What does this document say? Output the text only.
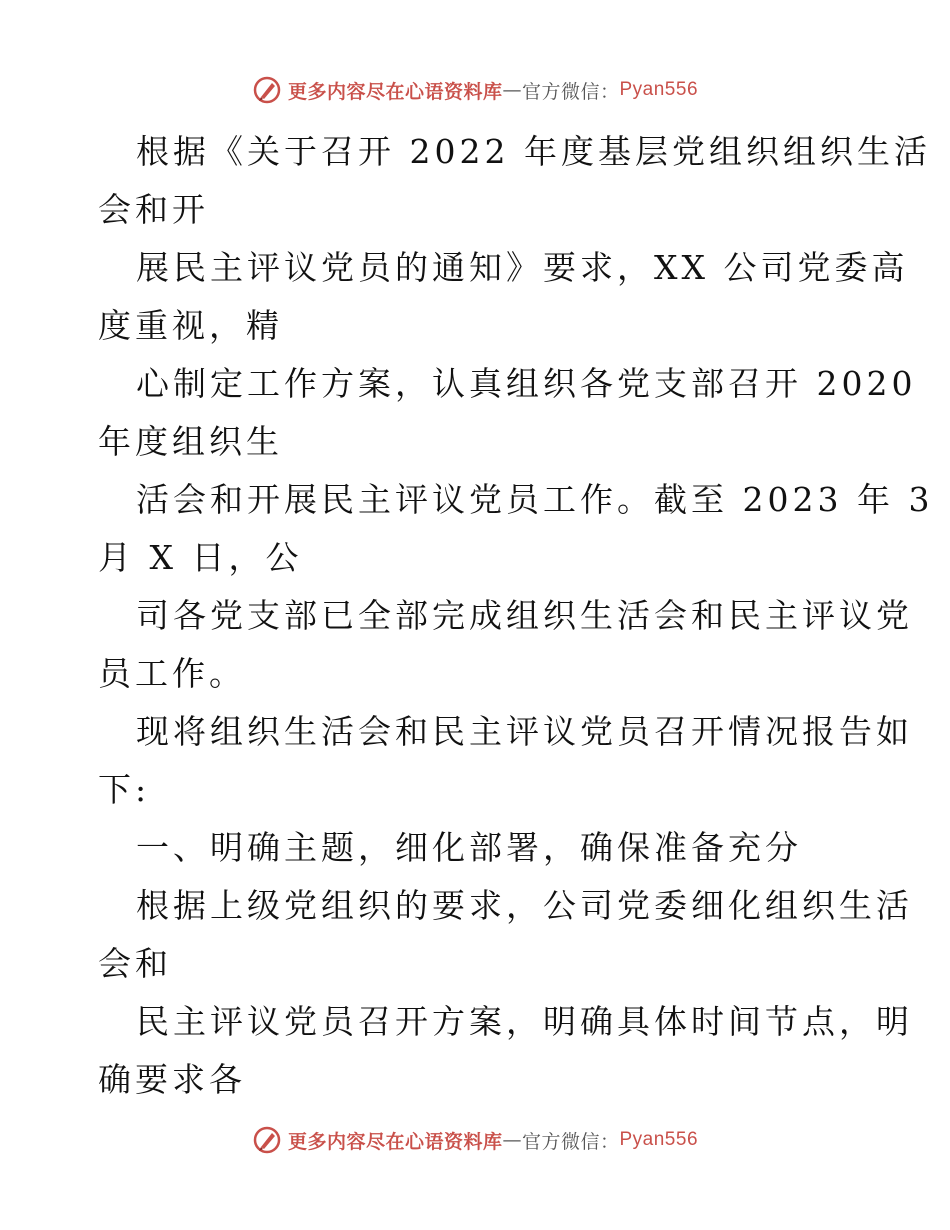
更多内容尽在心语资料库 — 官方微信： Pyan556

根据《关于召开 2022 年度基层党组织组织生活

会和开

展民主评议党员的通知》要求，XX 公司党委高

度重视，精

心制定工作方案，认真组织各党支部召开 2020

年度组织生

活会和开展民主评议党员工作。截至 2023 年 3

月 X 日，公

司各党支部已全部完成组织生活会和民主评议党

员工作。

现将组织生活会和民主评议党员召开情况报告如

下:

一、明确主题，细化部署，确保准备充分

根据上级党组织的要求，公司党委细化组织生活

会和

民主评议党员召开方案，明确具体时间节点，明

确要求各

更多内容尽在心语资料库 — 官方微信： Pyan556
